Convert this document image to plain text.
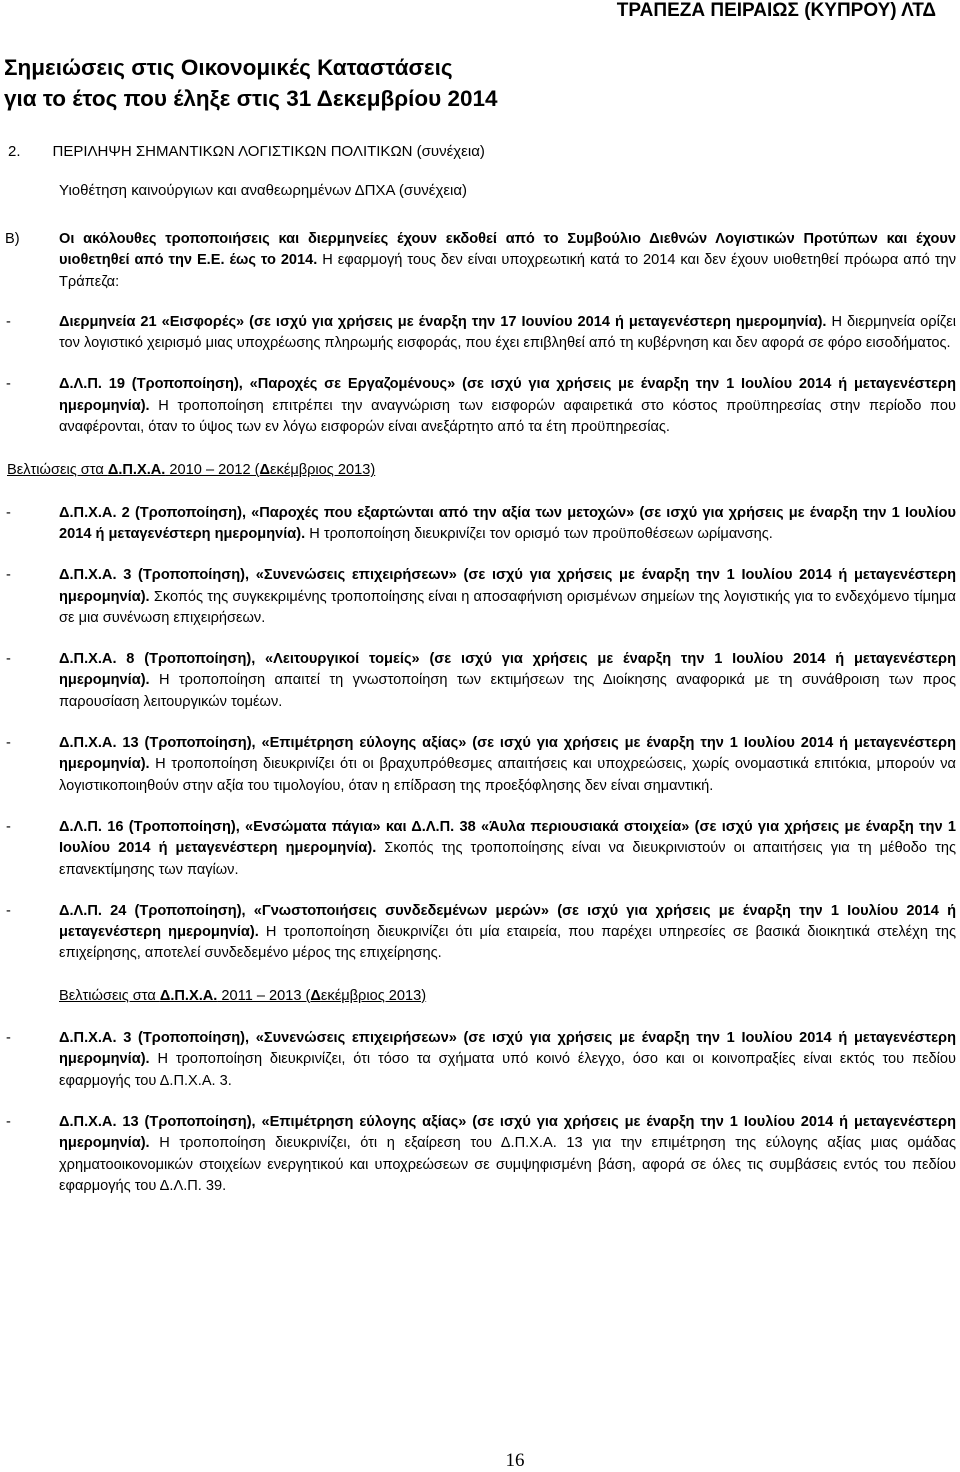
ΤΡΑΠΕΖΑ ΠΕΙΡΑΙΩΣ (ΚΥΠΡΟΥ) ΛΤΔ
Σημειώσεις στις Οικονομικές Καταστάσεις
για το έτος που έληξε στις 31 Δεκεμβρίου 2014
2. ΠΕΡΙΛΗΨΗ ΣΗΜΑΝΤΙΚΩΝ ΛΟΓΙΣΤΙΚΩΝ ΠΟΛΙΤΙΚΩΝ (συνέχεια)
Υιοθέτηση καινούργιων και αναθεωρημένων ΔΠΧΑ (συνέχεια)
Β)	Οι ακόλουθες τροποποιήσεις και διερμηνείες έχουν εκδοθεί από το Συμβούλιο Διεθνών Λογιστικών Προτύπων και έχουν υιοθετηθεί από την Ε.Ε. έως το 2014. Η εφαρμογή τους δεν είναι υποχρεωτική κατά το 2014 και δεν έχουν υιοθετηθεί πρόωρα από την Τράπεζα:
-	Διερμηνεία 21 «Εισφορές» (σε ισχύ για χρήσεις με έναρξη την 17 Ιουνίου 2014 ή μεταγενέστερη ημερομηνία). Η διερμηνεία ορίζει τον λογιστικό χειρισμό μιας υποχρέωσης πληρωμής εισφοράς, που έχει επιβληθεί από τη κυβέρνηση και δεν αφορά σε φόρο εισοδήματος.
-	Δ.Λ.Π. 19 (Τροποποίηση), «Παροχές σε Εργαζομένους» (σε ισχύ για χρήσεις με έναρξη την 1 Ιουλίου 2014 ή μεταγενέστερη ημερομηνία). Η τροποποίηση επιτρέπει την αναγνώριση των εισφορών αφαιρετικά στο κόστος προϋπηρεσίας στην περίοδο που αναφέρονται, όταν το ύψος των εν λόγω εισφορών είναι ανεξάρτητο από τα έτη προϋπηρεσίας.
Βελτιώσεις στα Δ.Π.Χ.Α. 2010 – 2012 (Δεκέμβριος 2013)
-	Δ.Π.Χ.Α. 2 (Τροποποίηση), «Παροχές που εξαρτώνται από την αξία των μετοχών» (σε ισχύ για χρήσεις με έναρξη την 1 Ιουλίου 2014 ή μεταγενέστερη ημερομηνία). Η τροποποίηση διευκρινίζει τον ορισμό των προϋποθέσεων ωρίμανσης.
-	Δ.Π.Χ.Α. 3 (Τροποποίηση), «Συνενώσεις επιχειρήσεων» (σε ισχύ για χρήσεις με έναρξη την 1 Ιουλίου 2014 ή μεταγενέστερη ημερομηνία). Σκοπός της συγκεκριμένης τροποποίησης είναι η αποσαφήνιση ορισμένων σημείων της λογιστικής για το ενδεχόμενο τίμημα σε μια συνένωση επιχειρήσεων.
-	Δ.Π.Χ.Α. 8 (Τροποποίηση), «Λειτουργικοί τομείς» (σε ισχύ για χρήσεις με έναρξη την 1 Ιουλίου 2014 ή μεταγενέστερη ημερομηνία). Η τροποποίηση απαιτεί τη γνωστοποίηση των εκτιμήσεων της Διοίκησης αναφορικά με τη συνάθροιση των προς παρουσίαση λειτουργικών τομέων.
-	Δ.Π.Χ.Α. 13 (Τροποποίηση), «Επιμέτρηση εύλογης αξίας» (σε ισχύ για χρήσεις με έναρξη την 1 Ιουλίου 2014 ή μεταγενέστερη ημερομηνία). Η τροποποίηση διευκρινίζει ότι οι βραχυπρόθεσμες απαιτήσεις και υποχρεώσεις, χωρίς ονομαστικά επιτόκια, μπορούν να λογιστικοποιηθούν στην αξία του τιμολογίου, όταν η επίδραση της προεξόφλησης δεν είναι σημαντική.
-	Δ.Λ.Π. 16 (Τροποποίηση), «Ενσώματα πάγια» και Δ.Λ.Π. 38 «Άυλα περιουσιακά στοιχεία» (σε ισχύ για χρήσεις με έναρξη την 1 Ιουλίου 2014 ή μεταγενέστερη ημερομηνία). Σκοπός της τροποποίησης είναι να διευκρινιστούν οι απαιτήσεις για τη μέθοδο της επανεκτίμησης των παγίων.
-	Δ.Λ.Π. 24 (Τροποποίηση), «Γνωστοποιήσεις συνδεδεμένων μερών» (σε ισχύ για χρήσεις με έναρξη την 1 Ιουλίου 2014 ή μεταγενέστερη ημερομηνία). Η τροποποίηση διευκρινίζει ότι μία εταιρεία, που παρέχει υπηρεσίες σε βασικά διοικητικά στελέχη της επιχείρησης, αποτελεί συνδεδεμένο μέρος της επιχείρησης.
Βελτιώσεις στα Δ.Π.Χ.Α. 2011 – 2013 (Δεκέμβριος 2013)
-	Δ.Π.Χ.Α. 3 (Τροποποίηση), «Συνενώσεις επιχειρήσεων» (σε ισχύ για χρήσεις με έναρξη την 1 Ιουλίου 2014 ή μεταγενέστερη ημερομηνία). Η τροποποίηση διευκρινίζει, ότι τόσο τα σχήματα υπό κοινό έλεγχο, όσο και οι κοινοπραξίες είναι εκτός του πεδίου εφαρμογής του Δ.Π.Χ.Α. 3.
-	Δ.Π.Χ.Α. 13 (Τροποποίηση), «Επιμέτρηση εύλογης αξίας» (σε ισχύ για χρήσεις με έναρξη την 1 Ιουλίου 2014 ή μεταγενέστερη ημερομηνία). Η τροποποίηση διευκρινίζει, ότι η εξαίρεση του Δ.Π.Χ.Α. 13 για την επιμέτρηση της εύλογης αξίας μιας ομάδας χρηματοοικονομικών στοιχείων ενεργητικού και υποχρεώσεων σε συμψηφισμένη βάση, αφορά σε όλες τις συμβάσεις εντός του πεδίου εφαρμογής του Δ.Λ.Π. 39.
16
